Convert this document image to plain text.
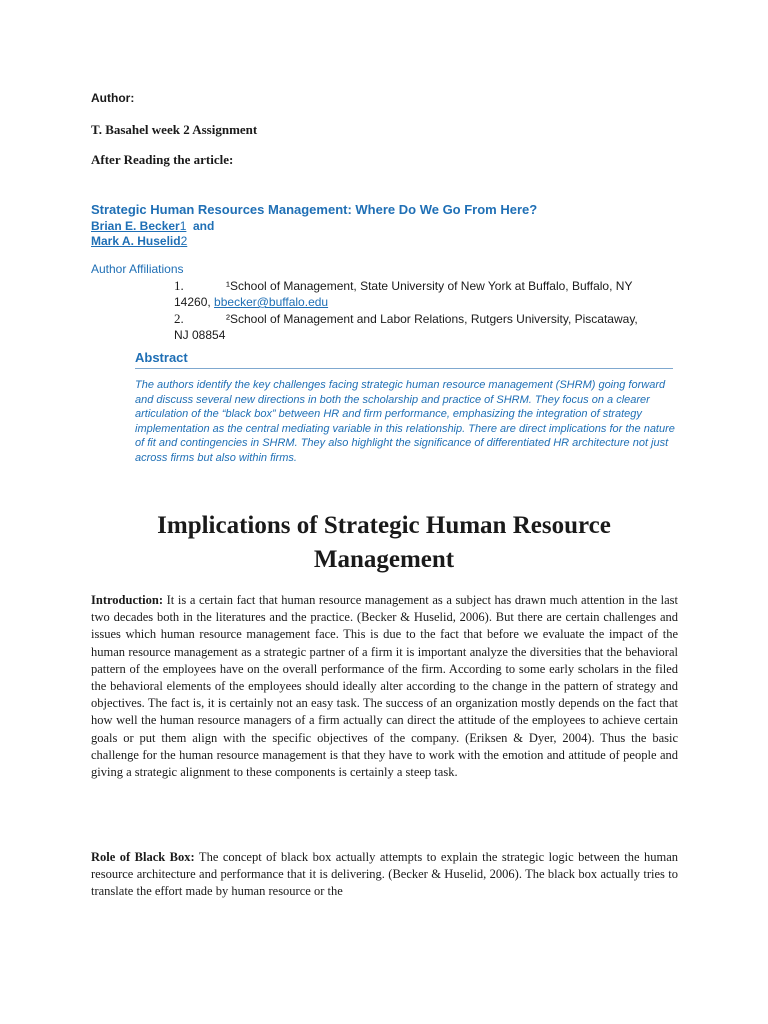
Author:
T. Basahel week 2 Assignment
After Reading the article:
Strategic Human Resources Management: Where Do We Go From Here?
Brian E. Becker1 and
Mark A. Huselid2
Author Affiliations
1.	¹School of Management, State University of New York at Buffalo, Buffalo, NY 14260, bbecker@buffalo.edu
2.	²School of Management and Labor Relations, Rutgers University, Piscataway, NJ 08854
Abstract
The authors identify the key challenges facing strategic human resource management (SHRM) going forward and discuss several new directions in both the scholarship and practice of SHRM. They focus on a clearer articulation of the “black box” between HR and firm performance, emphasizing the integration of strategy implementation as the central mediating variable in this relationship. There are direct implications for the nature of fit and contingencies in SHRM. They also highlight the significance of differentiated HR architecture not just across firms but also within firms.
Implications of Strategic Human Resource Management

Introduction: It is a certain fact that human resource management as a subject has drawn much attention in the last two decades both in the literatures and the practice. (Becker & Huselid, 2006). But there are certain challenges and issues which human resource management face. This is due to the fact that before we evaluate the impact of the human resource management as a strategic partner of a firm it is important analyze the diversities that the behavioral pattern of the employees have on the overall performance of the firm. According to some early scholars in the filed the behavioral elements of the employees should ideally alter according to the change in the pattern of strategy and objectives. The fact is, it is certainly not an easy task. The success of an organization mostly depends on the fact that how well the human resource managers of a firm actually can direct the attitude of the employees to achieve certain goals or put them align with the specific objectives of the company. (Eriksen & Dyer, 2004). Thus the basic challenge for the human resource management is that they have to work with the emotion and attitude of people and giving a strategic alignment to these components is certainly a steep task.

Role of Black Box: The concept of black box actually attempts to explain the strategic logic between the human resource architecture and performance that it is delivering. (Becker & Huselid, 2006). The black box actually tries to translate the effort made by human resource or the
